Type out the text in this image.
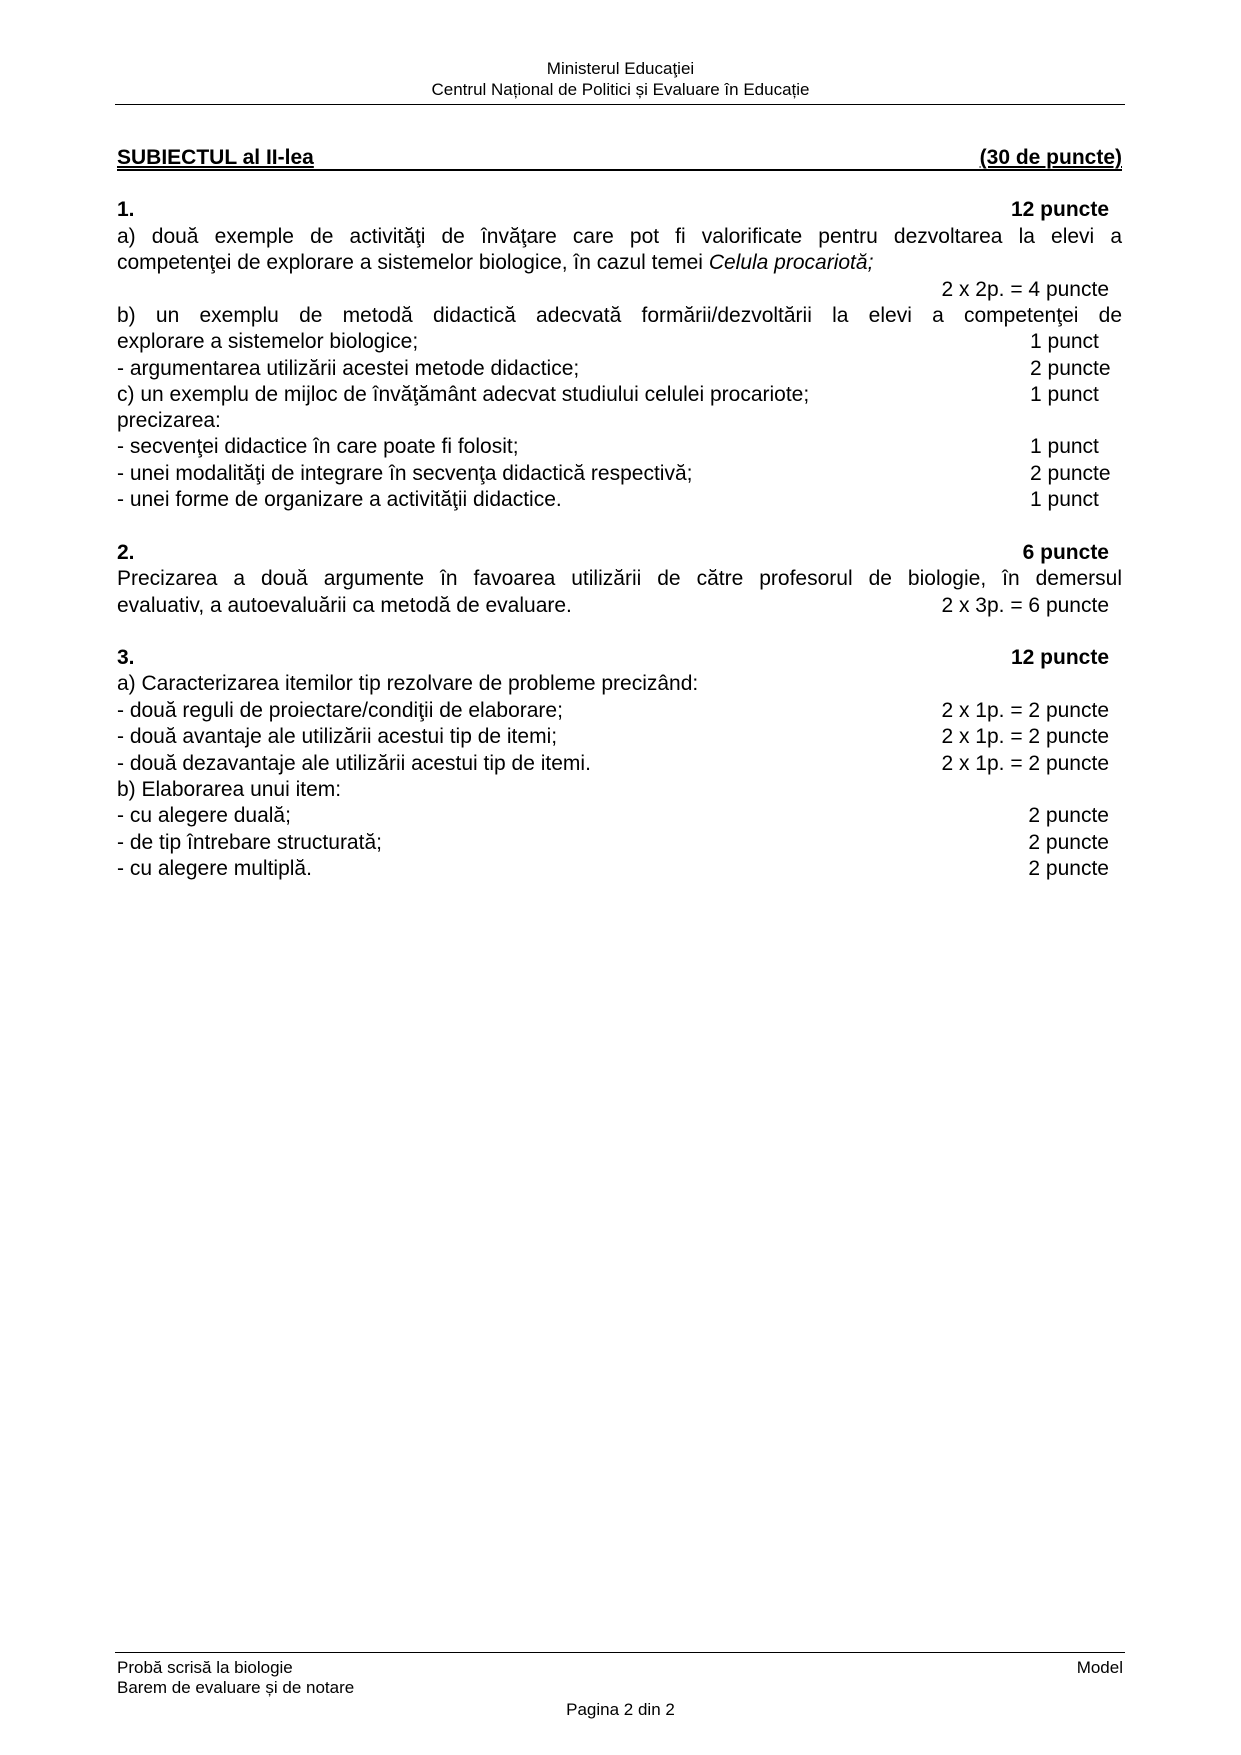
Ministerul Educaţiei
Centrul Național de Politici și Evaluare în Educație
SUBIECTUL al II-lea	(30 de puncte)
1.	12 puncte
a) două exemple de activităţi de învăţare care pot fi valorificate pentru dezvoltarea la elevi a
competenţei de explorare a sistemelor biologice, în cazul temei Celula procariotă;
2 x 2p. = 4 puncte
b) un exemplu de metodă didactică adecvată formării/dezvoltării la elevi a competenţei de
explorare a sistemelor biologice;	1 punct
- argumentarea utilizării acestei metode didactice;	2 puncte
c) un exemplu de mijloc de învăţământ adecvat studiului celulei procariote;	1 punct
precizarea:
- secvenţei didactice în care poate fi folosit;	1 punct
- unei modalităţi de integrare în secvenţa didactică respectivă;	2 puncte
- unei forme de organizare a activităţii didactice.	1 punct
2.	6 puncte
Precizarea a două argumente în favoarea utilizării de către profesorul de biologie, în demersul
evaluativ, a autoevaluării ca metodă de evaluare.	2 x 3p. = 6 puncte
3.	12 puncte
a) Caracterizarea itemilor tip rezolvare de probleme precizând:
- două reguli de proiectare/condiţii de elaborare;	2 x 1p. = 2 puncte
- două avantaje ale utilizării acestui tip de itemi;	2 x 1p. = 2 puncte
- două dezavantaje ale utilizării acestui tip de itemi.	2 x 1p. = 2 puncte
b) Elaborarea unui item:
- cu alegere duală;	2 puncte
- de tip întrebare structurată;	2 puncte
- cu alegere multiplă.	2 puncte
Probă scrisă la biologie
Barem de evaluare și de notare
Model
Pagina 2 din 2
